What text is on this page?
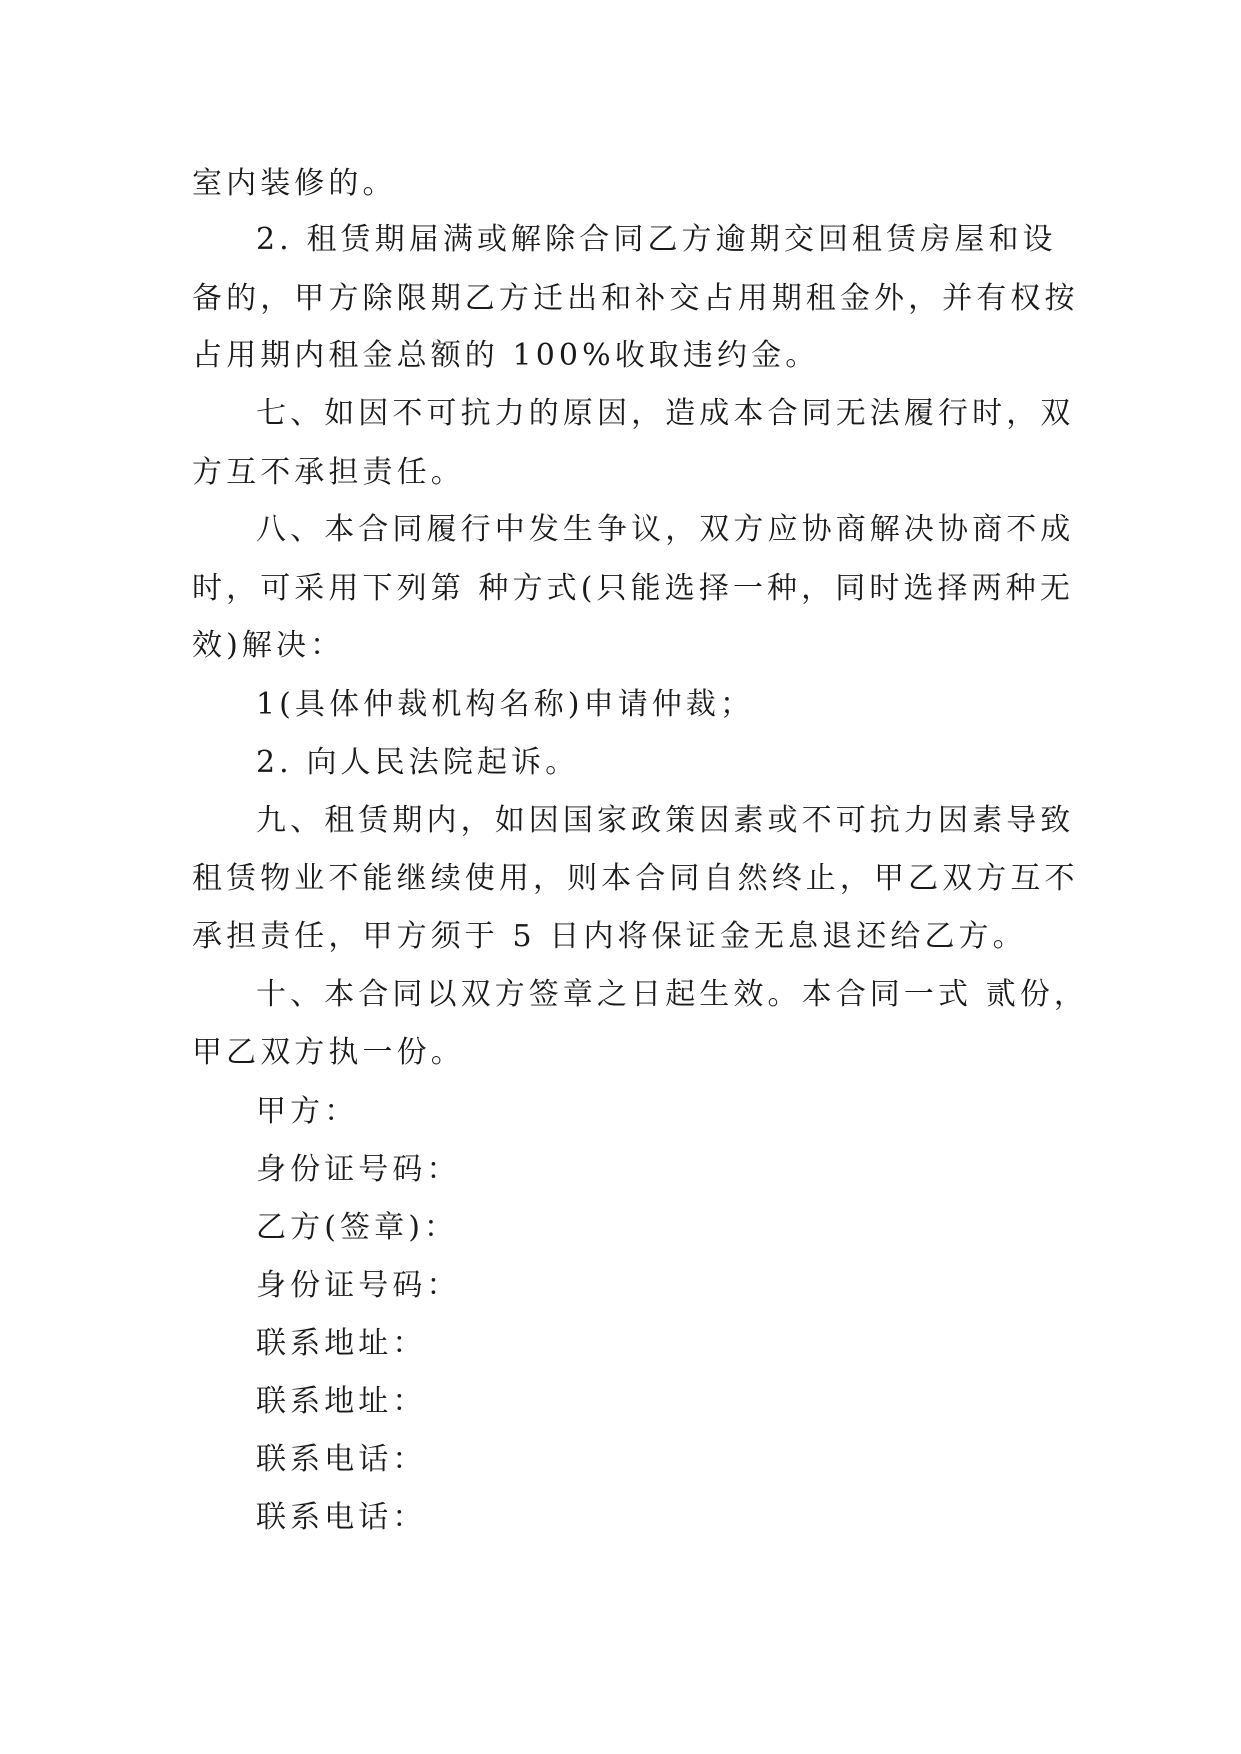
室内装修的。
2. 租赁期届满或解除合同乙方逾期交回租赁房屋和设
备的，甲方除限期乙方迁出和补交占用期租金外，并有权按
占用期内租金总额的 100%收取违约金。
七、如因不可抗力的原因，造成本合同无法履行时，双
方互不承担责任。
八、本合同履行中发生争议，双方应协商解决协商不成
时，可采用下列第 种方式(只能选择一种，同时选择两种无
效)解决：
1(具体仲裁机构名称)申请仲裁；
2. 向人民法院起诉。
九、租赁期内，如因国家政策因素或不可抗力因素导致
租赁物业不能继续使用，则本合同自然终止，甲乙双方互不
承担责任，甲方须于 5 日内将保证金无息退还给乙方。
十、本合同以双方签章之日起生效。本合同一式 贰份，
甲乙双方执一份。
甲方：
身份证号码：
乙方(签章)：
身份证号码：
联系地址：
联系地址：
联系电话：
联系电话：
